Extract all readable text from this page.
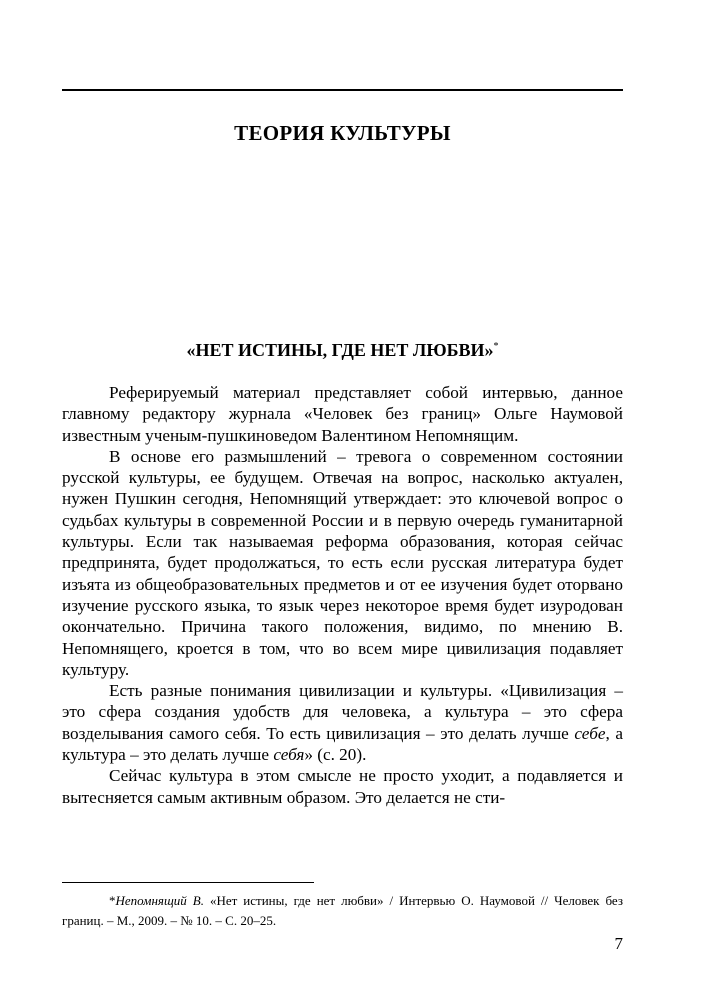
ТЕОРИЯ КУЛЬТУРЫ
«НЕТ ИСТИНЫ, ГДЕ НЕТ ЛЮБВИ»*

Реферируемый материал представляет собой интервью, данное главному редактору журнала «Человек без границ» Ольге Наумовой известным ученым-пушкиноведом Валентином Непомнящим.

В основе его размышлений – тревога о современном состоянии русской культуры, ее будущем. Отвечая на вопрос, насколько актуален, нужен Пушкин сегодня, Непомнящий утверждает: это ключевой вопрос о судьбах культуры в современной России и в первую очередь гуманитарной культуры. Если так называемая реформа образования, которая сейчас предпринята, будет продолжаться, то есть если русская литература будет изъята из общеобразовательных предметов и от ее изучения будет оторвано изучение русского языка, то язык через некоторое время будет изуродован окончательно. Причина такого положения, видимо, по мнению В. Непомнящего, кроется в том, что во всем мире цивилизация подавляет культуру.

Есть разные понимания цивилизации и культуры. «Цивилизация – это сфера создания удобств для человека, а культура – это сфера возделывания самого себя. То есть цивилизация – это делать лучше себе, а культура – это делать лучше себя» (с. 20).

Сейчас культура в этом смысле не просто уходит, а подавляется и вытесняется самым активным образом. Это делается не сти-

*Непомнящий В. «Нет истины, где нет любви» / Интервью О. Наумовой // Человек без границ. – М., 2009. – № 10. – С. 20–25.

7
